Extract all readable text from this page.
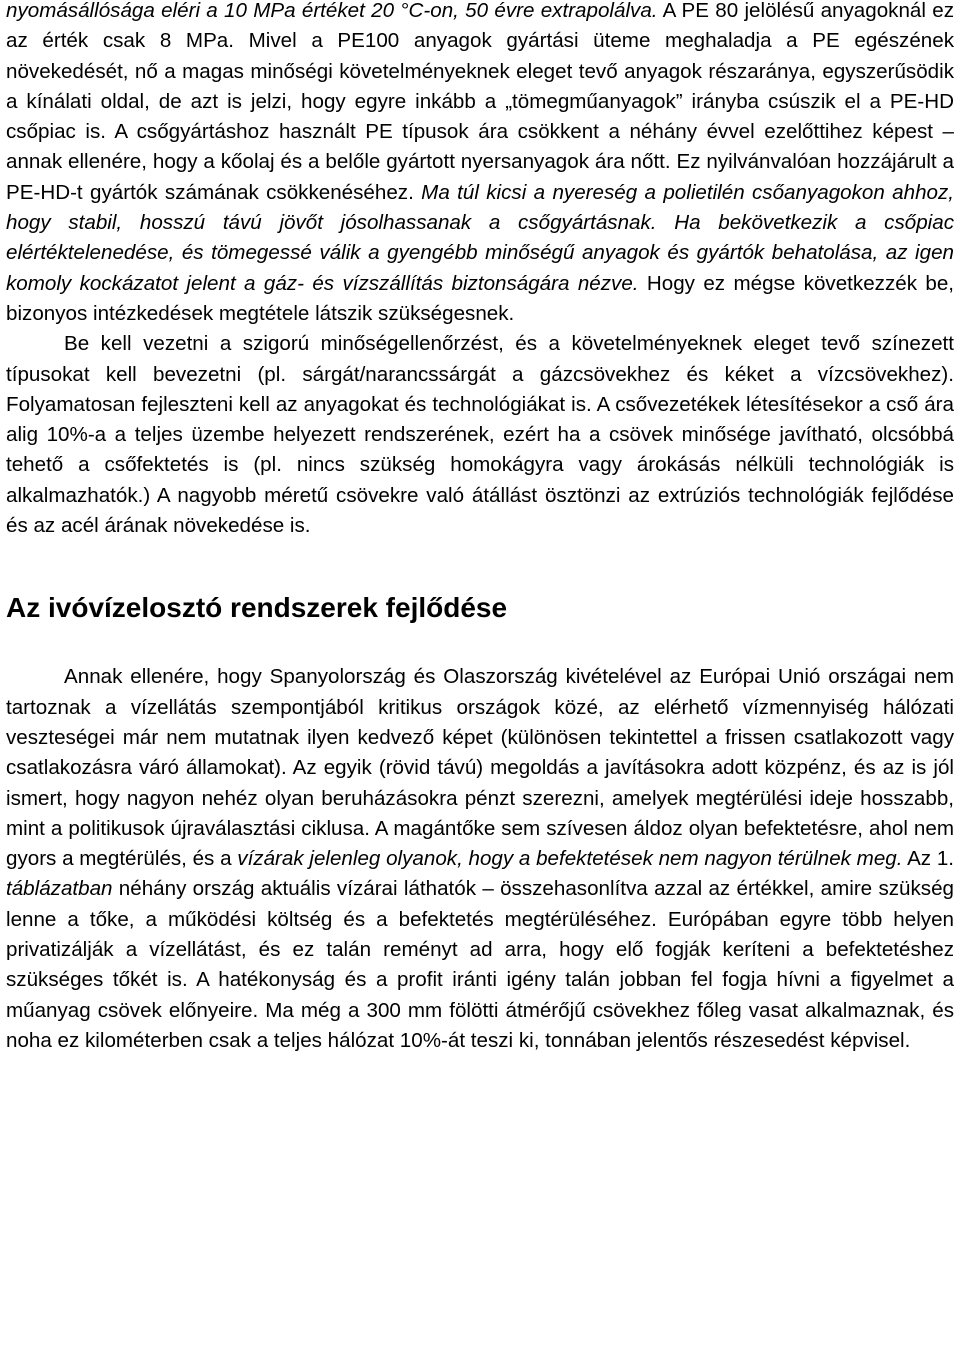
nyomásállósága eléri a 10 MPa értéket 20 °C-on, 50 évre extrapolálva. A PE 80 jelölésű anyagoknál ez az érték csak 8 MPa. Mivel a PE100 anyagok gyártási üteme meghaladja a PE egészének növekedését, nő a magas minőségi követelményeknek eleget tevő anyagok részaránya, egyszerűsödik a kínálati oldal, de azt is jelzi, hogy egyre inkább a „tömegműanyagok” irányba csúszik el a PE-HD csőpiac is. A csőgyártáshoz használt PE típusok ára csökkent a néhány évvel ezelőttihez képest – annak ellenére, hogy a kőolaj és a belőle gyártott nyersanyagok ára nőtt. Ez nyilvánvalóan hozzájárult a PE-HD-t gyártók számának csökkenéséhez. Ma túl kicsi a nyereség a polietilén csőanyagokon ahhoz, hogy stabil, hosszú távú jövőt jósolhassanak a csőgyártásnak. Ha bekövetkezik a csőpiac elértéktelenedése, és tömegessé válik a gyengébb minőségű anyagok és gyártók behatolása, az igen komoly kockázatot jelent a gáz- és vízszállítás biztonságára nézve. Hogy ez mégse következzék be, bizonyos intézkedések megtétele látszik szükségesnek.

Be kell vezetni a szigorú minőségellenőrzést, és a követelményeknek eleget tevő színezett típusokat kell bevezetni (pl. sárgát/narancssárgát a gázcsövekhez és kéket a vízcsövekhez). Folyamatosan fejleszteni kell az anyagokat és technológiákat is. A csővezetékek létesítésekor a cső ára alig 10%-a a teljes üzembe helyezett rendszerének, ezért ha a csövek minősége javítható, olcsóbbá tehető a csőfektetés is (pl. nincs szükség homokágyra vagy árokásás nélküli technológiák is alkalmazhatók.) A nagyobb méretű csövekre való átállást ösztönzi az extrúziós technológiák fejlődése és az acél árának növekedése is.

Az ivóvízelosztó rendszerek fejlődése

Annak ellenére, hogy Spanyolország és Olaszország kivételével az Európai Unió országai nem tartoznak a vízellátás szempontjából kritikus országok közé, az elérhető vízmennyiség hálózati veszteségei már nem mutatnak ilyen kedvező képet (különösen tekintettel a frissen csatlakozott vagy csatlakozásra váró államokat). Az egyik (rövid távú) megoldás a javításokra adott közpénz, és az is jól ismert, hogy nagyon nehéz olyan beruházásokra pénzt szerezni, amelyek megtérülési ideje hosszabb, mint a politikusok újraválasztási ciklusa. A magántőke sem szívesen áldoz olyan befektetésre, ahol nem gyors a megtérülés, és a vízárak jelenleg olyanok, hogy a befektetések nem nagyon térülnek meg. Az 1. táblázatban néhány ország aktuális vízárai láthatók – összehasonlítva azzal az értékkel, amire szükség lenne a tőke, a működési költség és a befektetés megtérüléséhez. Európában egyre több helyen privatizálják a vízellátást, és ez talán reményt ad arra, hogy elő fogják keríteni a befektetéshez szükséges tőkét is. A hatékonyság és a profit iránti igény talán jobban fel fogja hívni a figyelmet a műanyag csövek előnyeire. Ma még a 300 mm fölötti átmérőjű csövekhez főleg vasat alkalmaznak, és noha ez kilométerben csak a teljes hálózat 10%-át teszi ki, tonnában jelentős részesedést képvisel.
